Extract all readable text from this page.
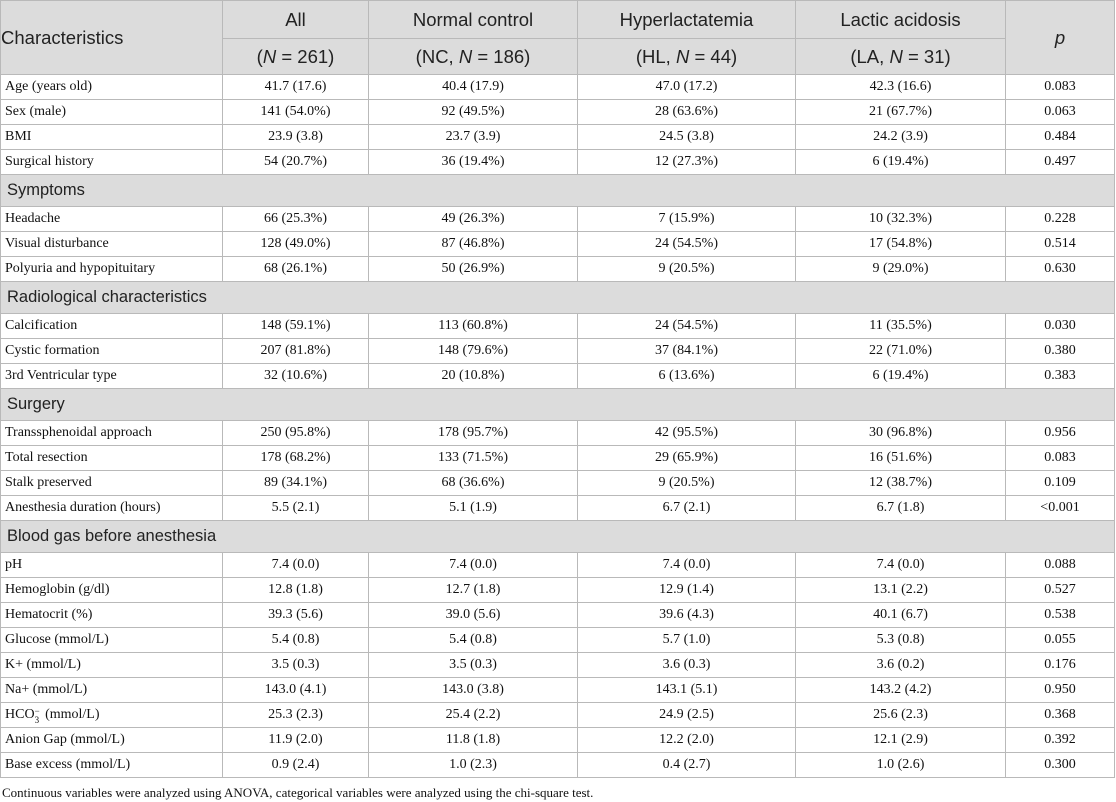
Characteristics	All	Normal control	Hyperlactatemia	Lactic acidosis	p
	(N = 261)	(NC, N = 186)	(HL, N = 44)	(LA, N = 31)	
Age (years old)	41.7 (17.6)	40.4 (17.9)	47.0 (17.2)	42.3 (16.6)	0.083
Sex (male)	141 (54.0%)	92 (49.5%)	28 (63.6%)	21 (67.7%)	0.063
BMI	23.9 (3.8)	23.7 (3.9)	24.5 (3.8)	24.2 (3.9)	0.484
Surgical history	54 (20.7%)	36 (19.4%)	12 (27.3%)	6 (19.4%)	0.497
Symptoms					
Headache	66 (25.3%)	49 (26.3%)	7 (15.9%)	10 (32.3%)	0.228
Visual disturbance	128 (49.0%)	87 (46.8%)	24 (54.5%)	17 (54.8%)	0.514
Polyuria and hypopituitary	68 (26.1%)	50 (26.9%)	9 (20.5%)	9 (29.0%)	0.630
Radiological characteristics					
Calcification	148 (59.1%)	113 (60.8%)	24 (54.5%)	11 (35.5%)	0.030
Cystic formation	207 (81.8%)	148 (79.6%)	37 (84.1%)	22 (71.0%)	0.380
3rd Ventricular type	32 (10.6%)	20 (10.8%)	6 (13.6%)	6 (19.4%)	0.383
Surgery					
Transsphenoidal approach	250 (95.8%)	178 (95.7%)	42 (95.5%)	30 (96.8%)	0.956
Total resection	178 (68.2%)	133 (71.5%)	29 (65.9%)	16 (51.6%)	0.083
Stalk preserved	89 (34.1%)	68 (36.6%)	9 (20.5%)	12 (38.7%)	0.109
Anesthesia duration (hours)	5.5 (2.1)	5.1 (1.9)	6.7 (2.1)	6.7 (1.8)	<0.001
Blood gas before anesthesia					
pH	7.4 (0.0)	7.4 (0.0)	7.4 (0.0)	7.4 (0.0)	0.088
Hemoglobin (g/dl)	12.8 (1.8)	12.7 (1.8)	12.9 (1.4)	13.1 (2.2)	0.527
Hematocrit (%)	39.3 (5.6)	39.0 (5.6)	39.6 (4.3)	40.1 (6.7)	0.538
Glucose (mmol/L)	5.4 (0.8)	5.4 (0.8)	5.7 (1.0)	5.3 (0.8)	0.055
K+ (mmol/L)	3.5 (0.3)	3.5 (0.3)	3.6 (0.3)	3.6 (0.2)	0.176
Na+ (mmol/L)	143.0 (4.1)	143.0 (3.8)	143.1 (5.1)	143.2 (4.2)	0.950
HCO −
3 (mmol/L)	25.3 (2.3)	25.4 (2.2)	24.9 (2.5)	25.6 (2.3)	0.368
Anion Gap (mmol/L)	11.9 (2.0)	11.8 (1.8)	12.2 (2.0)	12.1 (2.9)	0.392
Base excess (mmol/L)	0.9 (2.4)	1.0 (2.3)	0.4 (2.7)	1.0 (2.6)	0.300
Continuous variables were analyzed using ANOVA, categorical variables were analyzed using the chi-square test.
